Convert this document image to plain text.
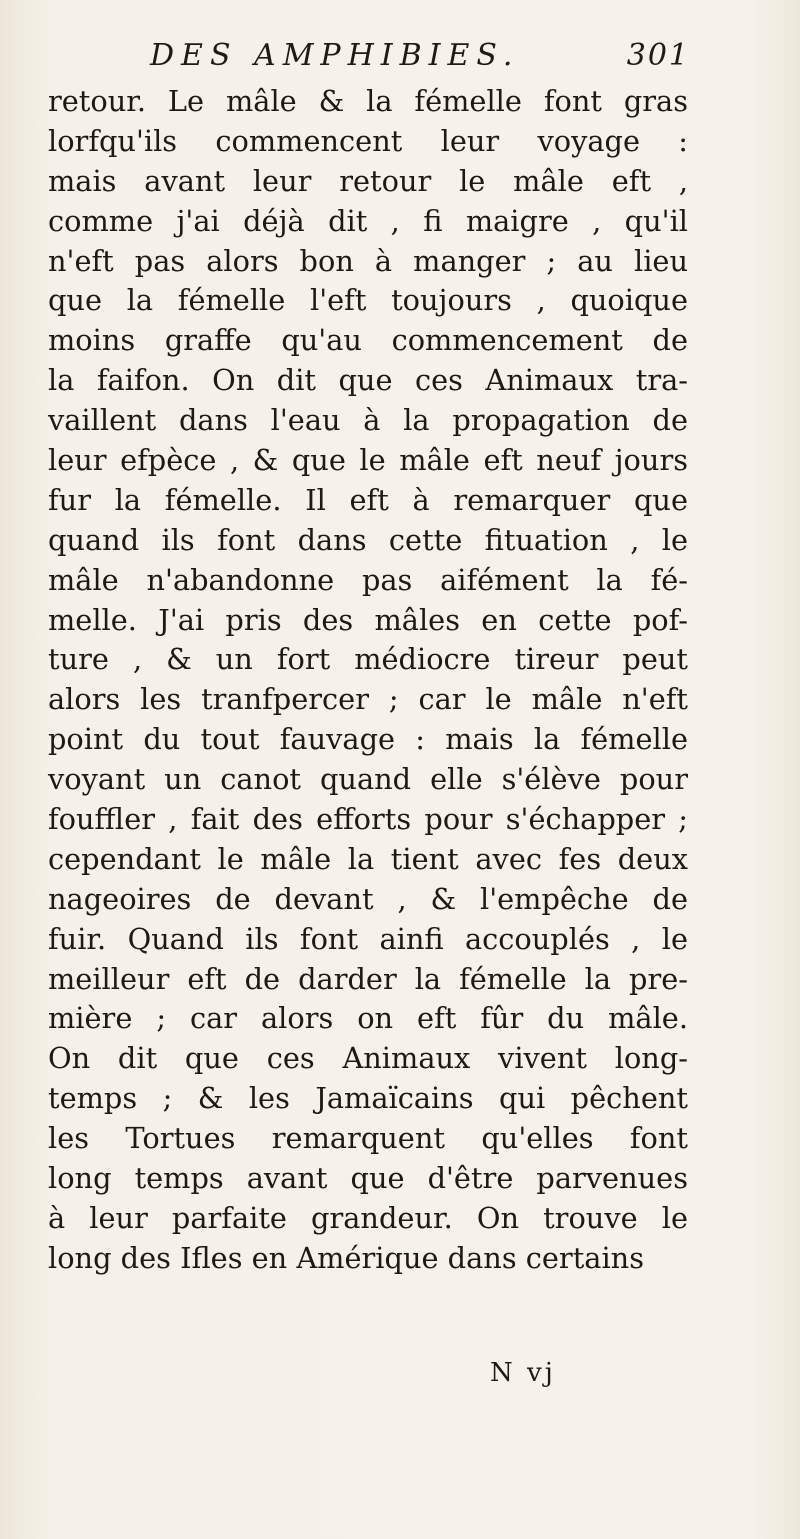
DES AMPHIBIES.	301
retour. Le mâle & la fémelle font gras
lorfqu'ils commencent leur voyage :
mais avant leur retour le mâle eft ,
comme j'ai déjà dit , fi maigre , qu'il
n'eft pas alors bon à manger ; au lieu
que la fémelle l'eft toujours , quoique
moins graffe qu'au commencement de
la faifon. On dit que ces Animaux tra-
vaillent dans l'eau à la propagation de
leur efpèce , & que le mâle eft neuf jours
fur la fémelle. Il eft à remarquer que
quand ils font dans cette fituation , le
mâle n'abandonne pas aifément la fé-
melle. J'ai pris des mâles en cette pof-
ture , & un fort médiocre tireur peut
alors les tranfpercer ; car le mâle n'eft
point du tout fauvage : mais la fémelle
voyant un canot quand elle s'élève pour
fouffler , fait des efforts pour s'échapper ;
cependant le mâle la tient avec fes deux
nageoires de devant , & l'empêche de
fuir. Quand ils font ainfi accouplés , le
meilleur eft de darder la fémelle la pre-
mière ; car alors on eft fûr du mâle.
On dit que ces Animaux vivent long-
temps ; & les Jamaïcains qui pêchent
les Tortues remarquent qu'elles font
long temps avant que d'être parvenues
à leur parfaite grandeur. On trouve le
long des Ifles en Amérique dans certains
N vj
